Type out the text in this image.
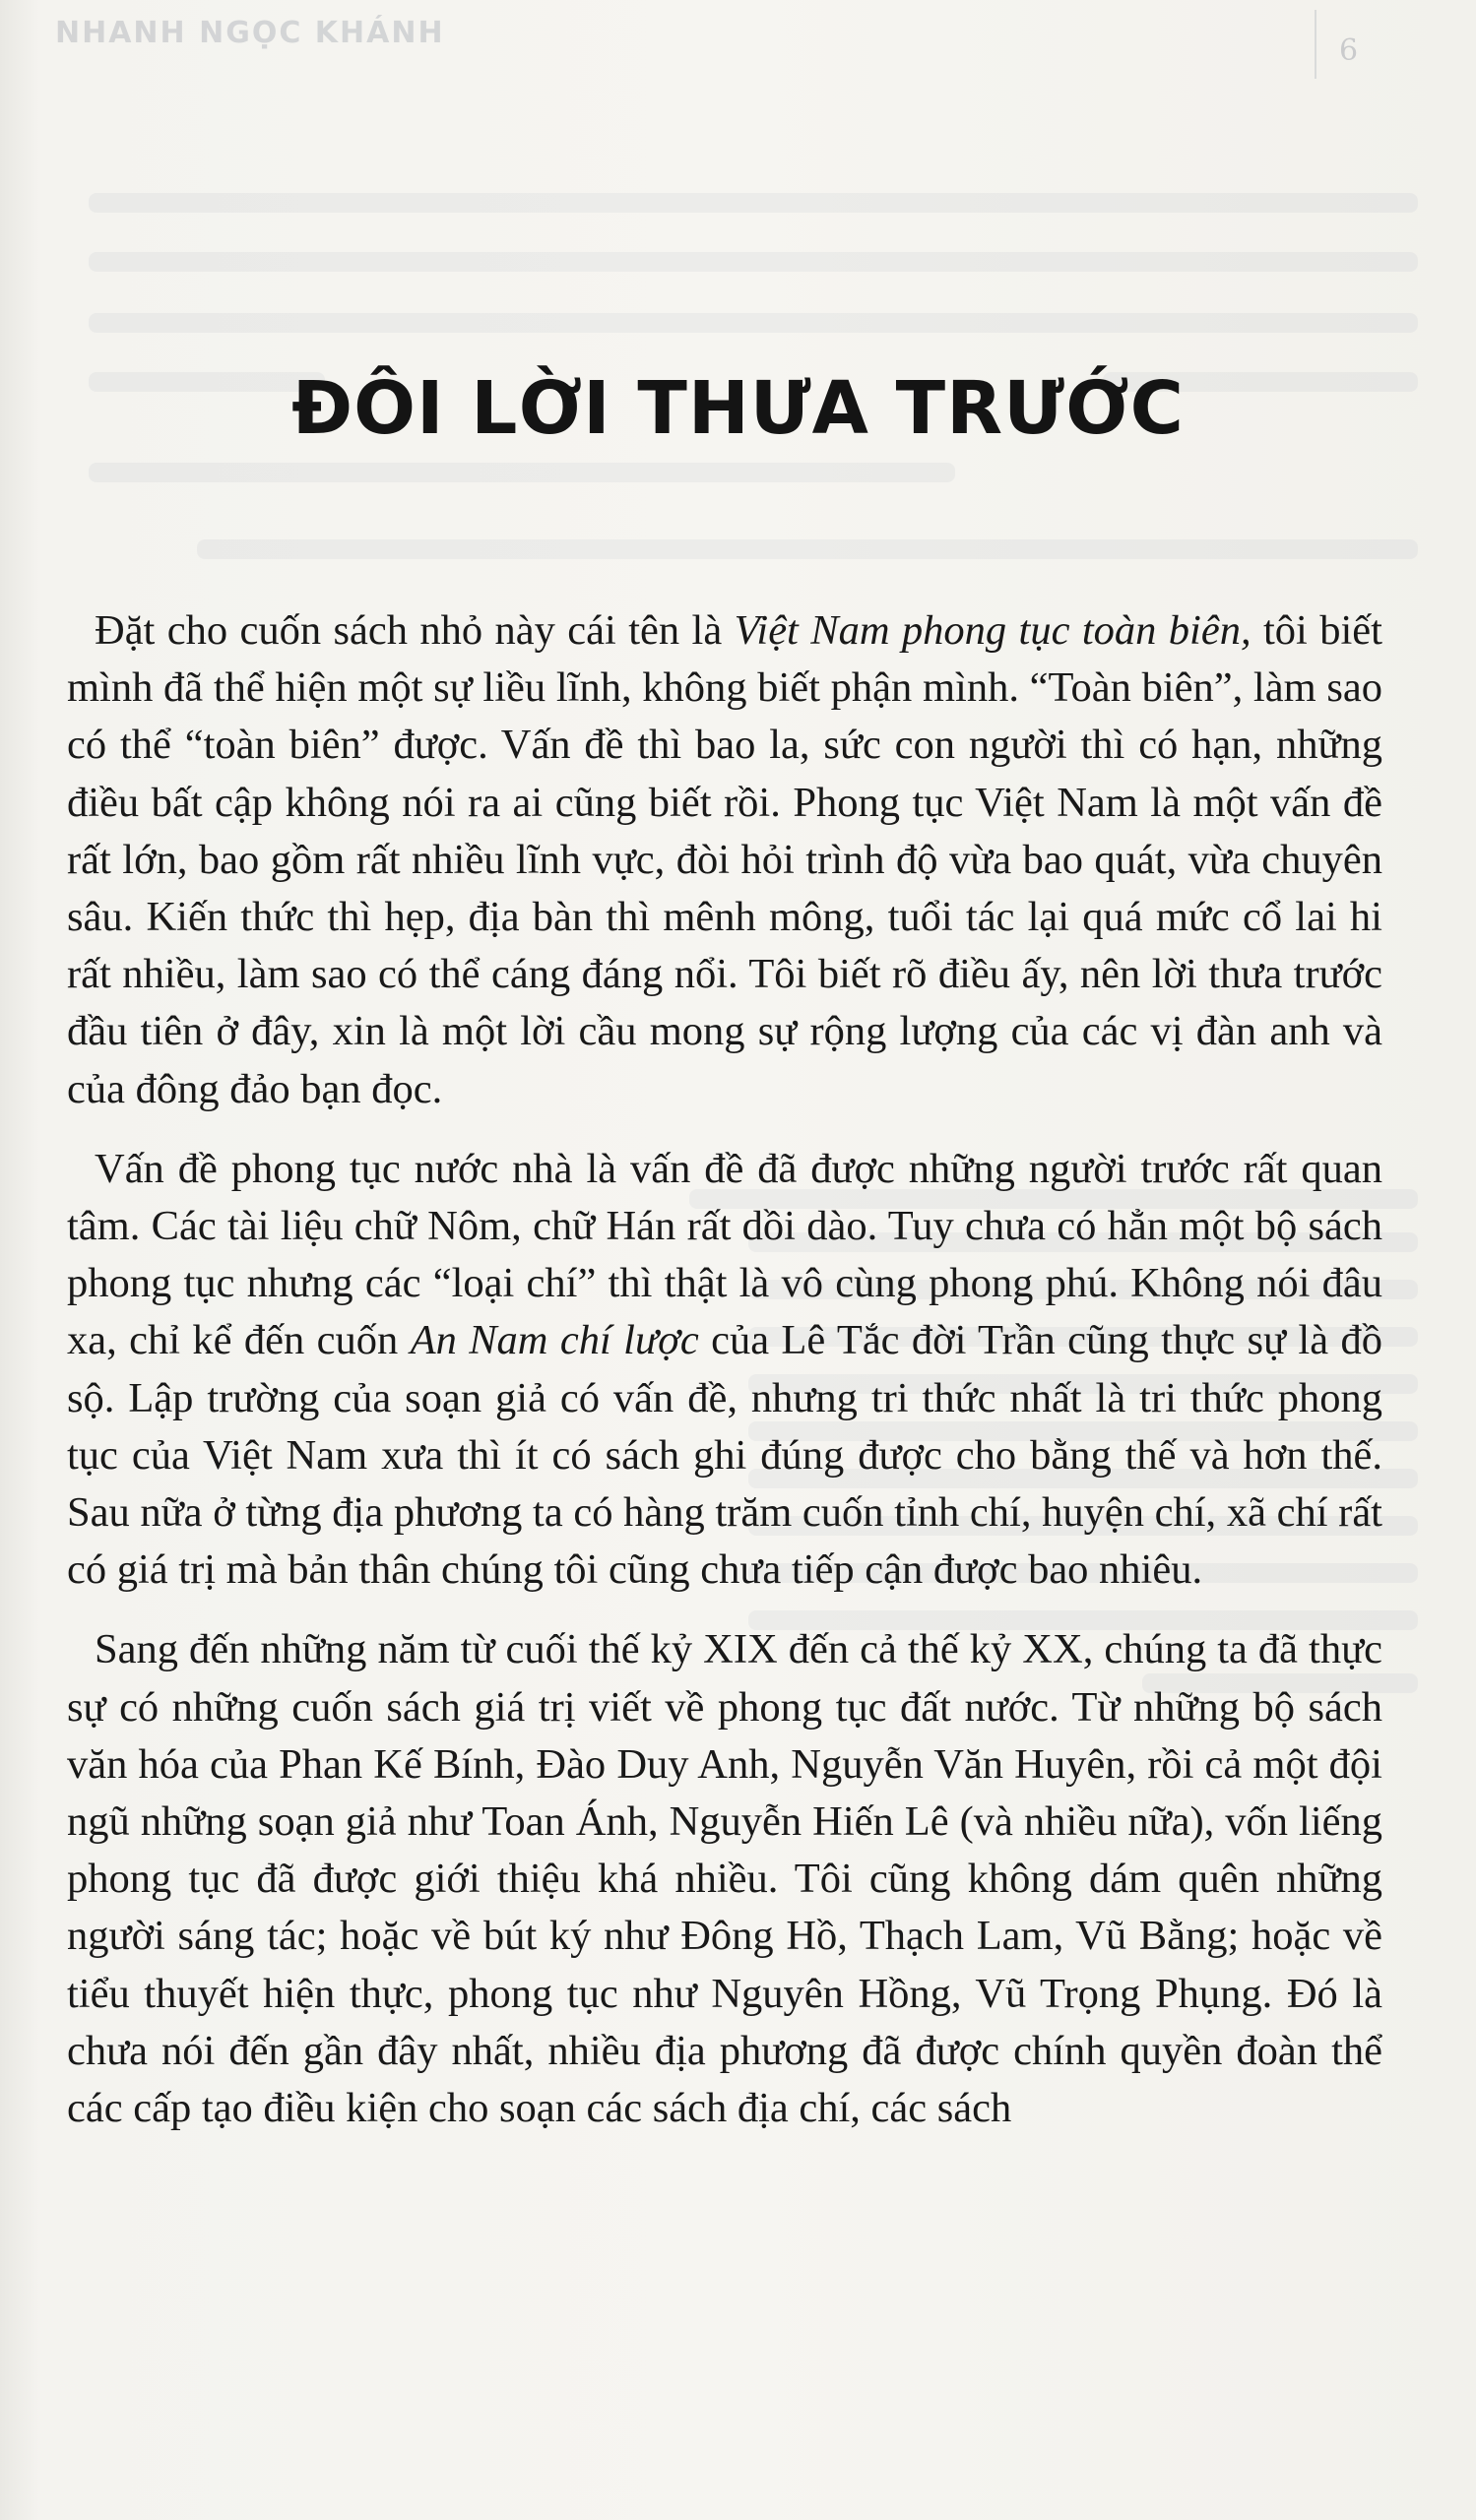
NHANH NGỌC KHÁNH
6
ĐÔI LỜI THƯA TRƯỚC

Đặt cho cuốn sách nhỏ này cái tên là Việt Nam phong tục toàn biên, tôi biết mình đã thể hiện một sự liều lĩnh, không biết phận mình. “Toàn biên”, làm sao có thể “toàn biên” được. Vấn đề thì bao la, sức con người thì có hạn, những điều bất cập không nói ra ai cũng biết rồi. Phong tục Việt Nam là một vấn đề rất lớn, bao gồm rất nhiều lĩnh vực, đòi hỏi trình độ vừa bao quát, vừa chuyên sâu. Kiến thức thì hẹp, địa bàn thì mênh mông, tuổi tác lại quá mức cổ lai hi rất nhiều, làm sao có thể cáng đáng nổi. Tôi biết rõ điều ấy, nên lời thưa trước đầu tiên ở đây, xin là một lời cầu mong sự rộng lượng của các vị đàn anh và của đông đảo bạn đọc.

Vấn đề phong tục nước nhà là vấn đề đã được những người trước rất quan tâm. Các tài liệu chữ Nôm, chữ Hán rất dồi dào. Tuy chưa có hẳn một bộ sách phong tục nhưng các “loại chí” thì thật là vô cùng phong phú. Không nói đâu xa, chỉ kể đến cuốn An Nam chí lược của Lê Tắc đời Trần cũng thực sự là đồ sộ. Lập trường của soạn giả có vấn đề, nhưng tri thức nhất là tri thức phong tục của Việt Nam xưa thì ít có sách ghi đúng được cho bằng thế và hơn thế. Sau nữa ở từng địa phương ta có hàng trăm cuốn tỉnh chí, huyện chí, xã chí rất có giá trị mà bản thân chúng tôi cũng chưa tiếp cận được bao nhiêu.

Sang đến những năm từ cuối thế kỷ XIX đến cả thế kỷ XX, chúng ta đã thực sự có những cuốn sách giá trị viết về phong tục đất nước. Từ những bộ sách văn hóa của Phan Kế Bính, Đào Duy Anh, Nguyễn Văn Huyên, rồi cả một đội ngũ những soạn giả như Toan Ánh, Nguyễn Hiến Lê (và nhiều nữa), vốn liếng phong tục đã được giới thiệu khá nhiều. Tôi cũng không dám quên những người sáng tác; hoặc về bút ký như Đông Hồ, Thạch Lam, Vũ Bằng; hoặc về tiểu thuyết hiện thực, phong tục như Nguyên Hồng, Vũ Trọng Phụng. Đó là chưa nói đến gần đây nhất, nhiều địa phương đã được chính quyền đoàn thể các cấp tạo điều kiện cho soạn các sách địa chí, các sách
